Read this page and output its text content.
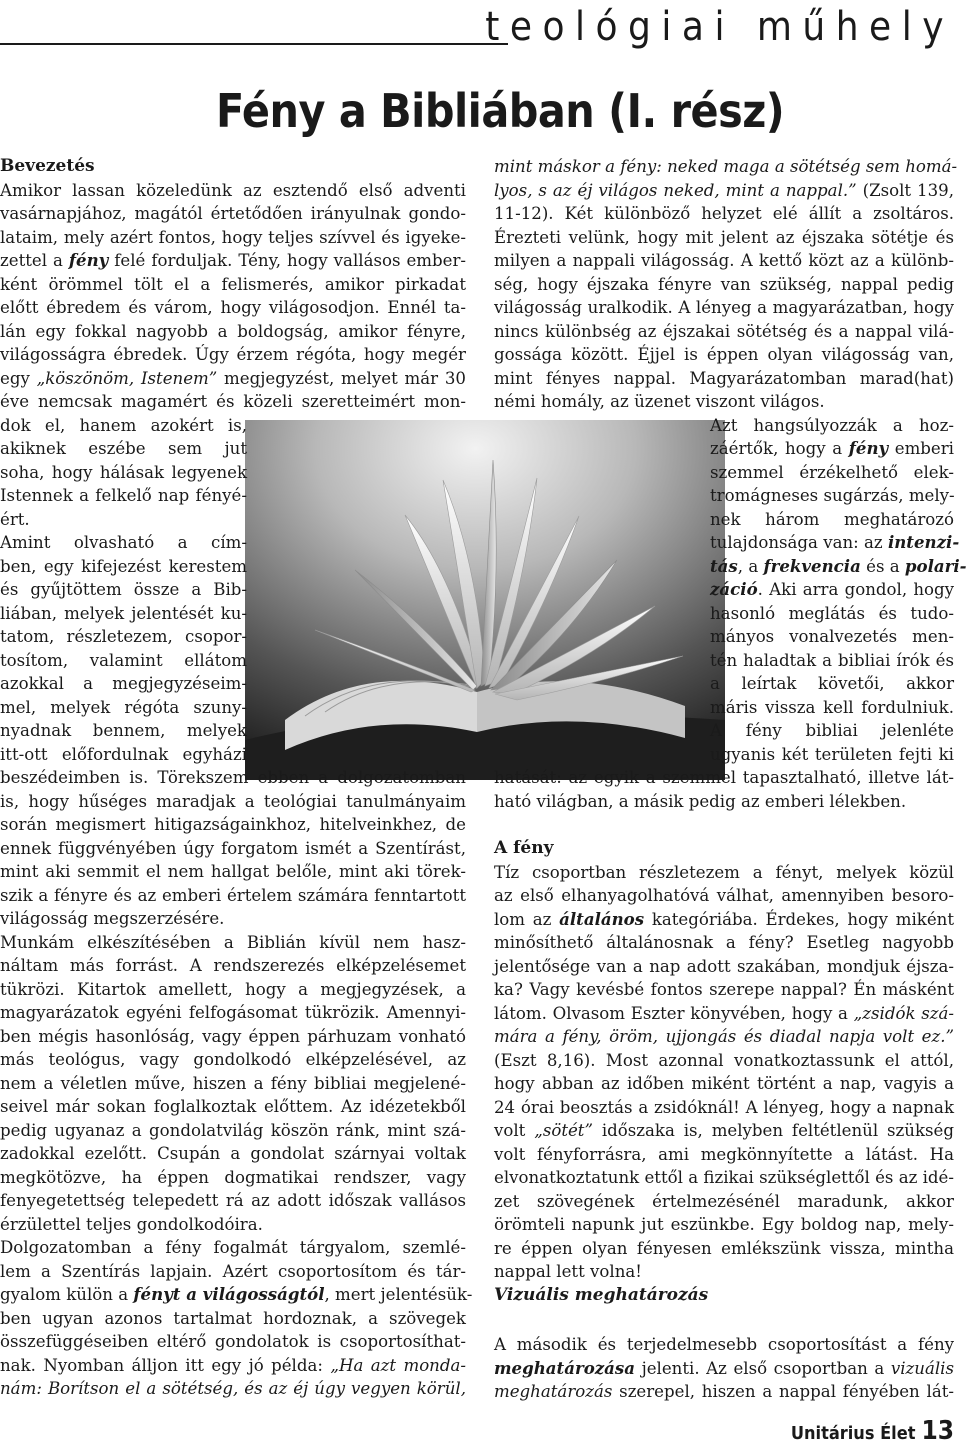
teológiai műhely
Fény a Bibliában (I. rész)

Bevezetés

Amikor lassan közeledünk az esztendő első adventi

vasárnapjához, magától értetődően irányulnak gondo-

lataim, mely azért fontos, hogy teljes szívvel és igyeke-

zettel a fény felé forduljak. Tény, hogy vallásos ember-

ként örömmel tölt el a felismerés, amikor pirkadat

előtt ébredem és várom, hogy világosodjon. Ennél ta-

lán egy fokkal nagyobb a boldogság, amikor fényre,

világosságra ébredek. Úgy érzem régóta, hogy megér

egy „köszönöm, Istenem” megjegyzést, melyet már 30

éve nemcsak magamért és közeli szeretteimért mon-

dok el, hanem azokért is,

akiknek eszébe sem jut

soha, hogy hálásak legyenek

Istennek a felkelő nap fényé-

ért.

Amint olvasható a cím-

ben, egy kifejezést kerestem

és gyűjtöttem össze a Bib-

liában, melyek jelentését ku-

tatom, részletezem, csopor-

tosítom, valamint ellátom

azokkal a megjegyzéseim-

mel, melyek régóta szuny-

nyadnak bennem, melyek

itt-ott előfordulnak egyházi

beszédeimben is. Törekszem ebben a dolgozatomban

is, hogy hűséges maradjak a teológiai tanulmányaim

során megismert hitigazságainkhoz, hitelveinkhez, de

ennek függvényében úgy forgatom ismét a Szentírást,

mint aki semmit el nem hallgat belőle, mint aki törek-

szik a fényre és az emberi értelem számára fenntartott

világosság megszerzésére.

Munkám elkészítésében a Biblián kívül nem hasz-

náltam más forrást. A rendszerezés elképzelésemet

tükrözi. Kitartok amellett, hogy a megjegyzések, a

magyarázatok egyéni felfogásomat tükrözik. Amennyi-

ben mégis hasonlóság, vagy éppen párhuzam vonható

más teológus, vagy gondolkodó elképzelésével, az

nem a véletlen műve, hiszen a fény bibliai megjelené-

seivel már sokan foglalkoztak előttem. Az idézetekből

pedig ugyanaz a gondolatvilág köszön ránk, mint szá-

zadokkal ezelőtt. Csupán a gondolat szárnyai voltak

megkötözve, ha éppen dogmatikai rendszer, vagy

fenyegetettség telepedett rá az adott időszak vallásos

érzülettel teljes gondolkodóira.

Dolgozatomban a fény fogalmát tárgyalom, szemlé-

lem a Szentírás lapjain. Azért csoportosítom és tár-

gyalom külön a fényt a világosságtól, mert jelentésük-

ben ugyan azonos tartalmat hordoznak, a szövegek

összefüggéseiben eltérő gondolatok is csoportosíthat-

nak. Nyomban álljon itt egy jó példa: „Ha azt monda-

nám: Borítson el a sötétség, és az éj úgy vegyen körül,

mint máskor a fény: neked maga a sötétség sem homá-

lyos, s az éj világos neked, mint a nappal.” (Zsolt 139,

11-12). Két különböző helyzet elé állít a zsoltáros.

Érezteti velünk, hogy mit jelent az éjszaka sötétje és

milyen a nappali világosság. A kettő közt az a különb-

ség, hogy éjszaka fényre van szükség, nappal pedig

világosság uralkodik. A lényeg a magyarázatban, hogy

nincs különbség az éjszakai sötétség és a nappal vilá-

gossága között. Éjjel is éppen olyan világosság van,

mint fényes nappal. Magyarázatomban marad(hat)

némi homály, az üzenet viszont világos.

Azt hangsúlyozzák a hoz-

záértők, hogy a fény emberi

szemmel érzékelhető elek-

tromágneses sugárzás, mely-

nek három meghatározó

tulajdonsága van: az intenzi-

tás, a frekvencia és a polari-

záció. Aki arra gondol, hogy

hasonló meglátás és tudo-

mányos vonalvezetés men-

tén haladtak a bibliai írók és

a leírtak követői, akkor

máris vissza kell fordulniuk.

A fény bibliai jelenléte

ugyanis két területen fejti ki

hatását: az egyik a szemmel tapasztalható, illetve lát-

ható világban, a másik pedig az emberi lélekben.

A fény

Tíz csoportban részletezem a fényt, melyek közül

az első elhanyagolhatóvá válhat, amennyiben besoro-

lom az általános kategóriába. Érdekes, hogy miként

minősíthető általánosnak a fény? Esetleg nagyobb

jelentősége van a nap adott szakában, mondjuk éjsza-

ka? Vagy kevésbé fontos szerepe nappal? Én másként

látom. Olvasom Eszter könyvében, hogy a „zsidók szá-

mára a fény, öröm, ujjongás és diadal napja volt ez.”

(Eszt 8,16). Most azonnal vonatkoztassunk el attól,

hogy abban az időben miként történt a nap, vagyis a

24 órai beosztás a zsidóknál! A lényeg, hogy a napnak

volt „sötét” időszaka is, melyben feltétlenül szükség

volt fényforrásra, ami megkönnyítette a látást. Ha

elvonatkoztatunk ettől a fizikai szükséglettől és az idé-

zet szövegének értelmezésénél maradunk, akkor

örömteli napunk jut eszünkbe. Egy boldog nap, mely-

re éppen olyan fényesen emlékszünk vissza, mintha

nappal lett volna!

Vizuális meghatározás

A második és terjedelmesebb csoportosítást a fény

meghatározása jelenti. Az első csoportban a vizuális

meghatározás szerepel, hiszen a nappal fényében lát-

Unitárius Élet 13
